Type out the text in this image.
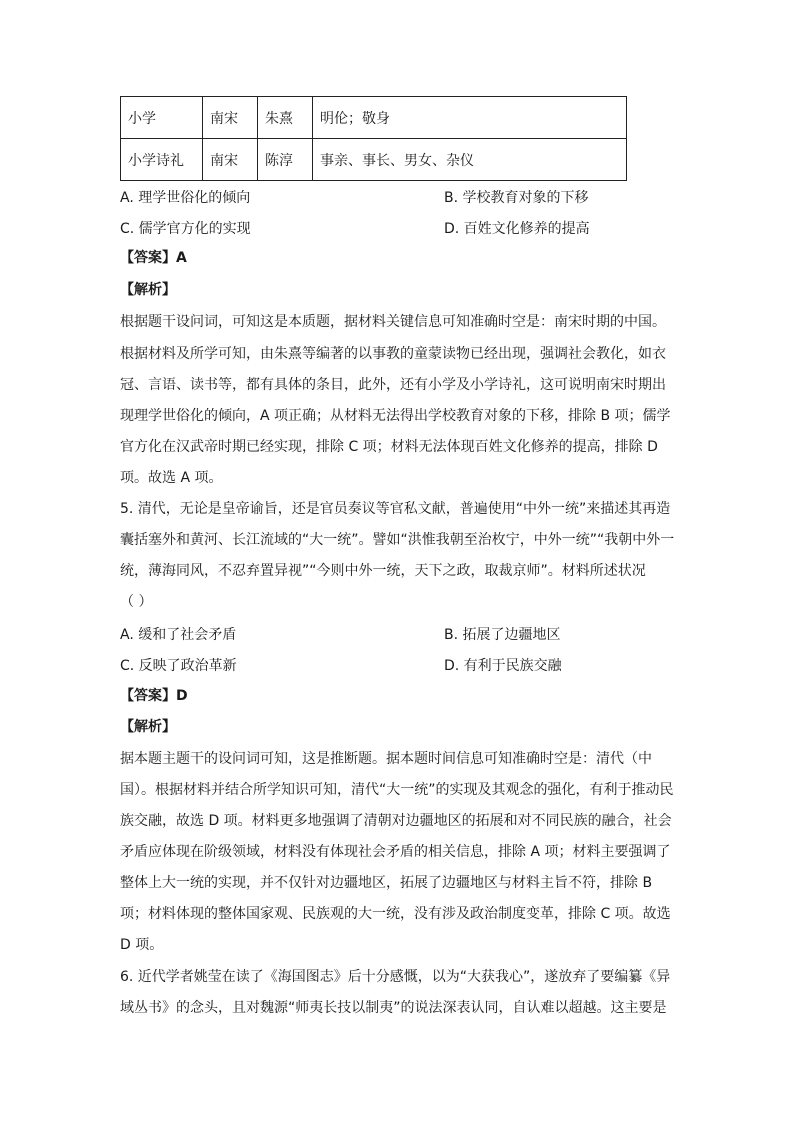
小学	南宋	朱熹	明伦；敬身
小学诗礼	南宋	陈淳	事亲、事长、男女、杂仪
A. 理学世俗化的倾向	B. 学校教育对象的下移
C. 儒学官方化的实现	D. 百姓文化修养的提高
【答案】A
【解析】
根据题干设问词，可知这是本质题，据材料关键信息可知准确时空是：南宋时期的中国。
根据材料及所学可知，由朱熹等编著的以事教的童蒙读物已经出现，强调社会教化，如衣
冠、言语、读书等，都有具体的条目，此外，还有小学及小学诗礼，这可说明南宋时期出
现理学世俗化的倾向，A 项正确；从材料无法得出学校教育对象的下移，排除 B 项；儒学
官方化在汉武帝时期已经实现，排除 C 项；材料无法体现百姓文化修养的提高，排除 D
项。故选 A 项。
5. 清代，无论是皇帝谕旨，还是官员奏议等官私文献，普遍使用“中外一统”来描述其再造
囊括塞外和黄河、长江流域的“大一统”。譬如“洪惟我朝至治枚宁，中外一统”“我朝中外一
统，薄海同风，不忍弃置异视”“今则中外一统，天下之政，取裁京师”。材料所述状况
（ ）
A. 缓和了社会矛盾	B. 拓展了边疆地区
C. 反映了政治革新	D. 有利于民族交融
【答案】D
【解析】
据本题主题干的设问词可知，这是推断题。据本题时间信息可知准确时空是：清代（中
国）。根据材料并结合所学知识可知，清代“大一统”的实现及其观念的强化，有利于推动民
族交融，故选 D 项。材料更多地强调了清朝对边疆地区的拓展和对不同民族的融合，社会
矛盾应体现在阶级领域，材料没有体现社会矛盾的相关信息，排除 A 项；材料主要强调了
整体上大一统的实现，并不仅针对边疆地区，拓展了边疆地区与材料主旨不符，排除 B
项；材料体现的整体国家观、民族观的大一统，没有涉及政治制度变革，排除 C 项。故选
D 项。
6. 近代学者姚莹在读了《海国图志》后十分感慨，以为“大获我心”，遂放弃了要编纂《异
域丛书》的念头，且对魏源“师夷长技以制夷”的说法深表认同，自认难以超越。这主要是
